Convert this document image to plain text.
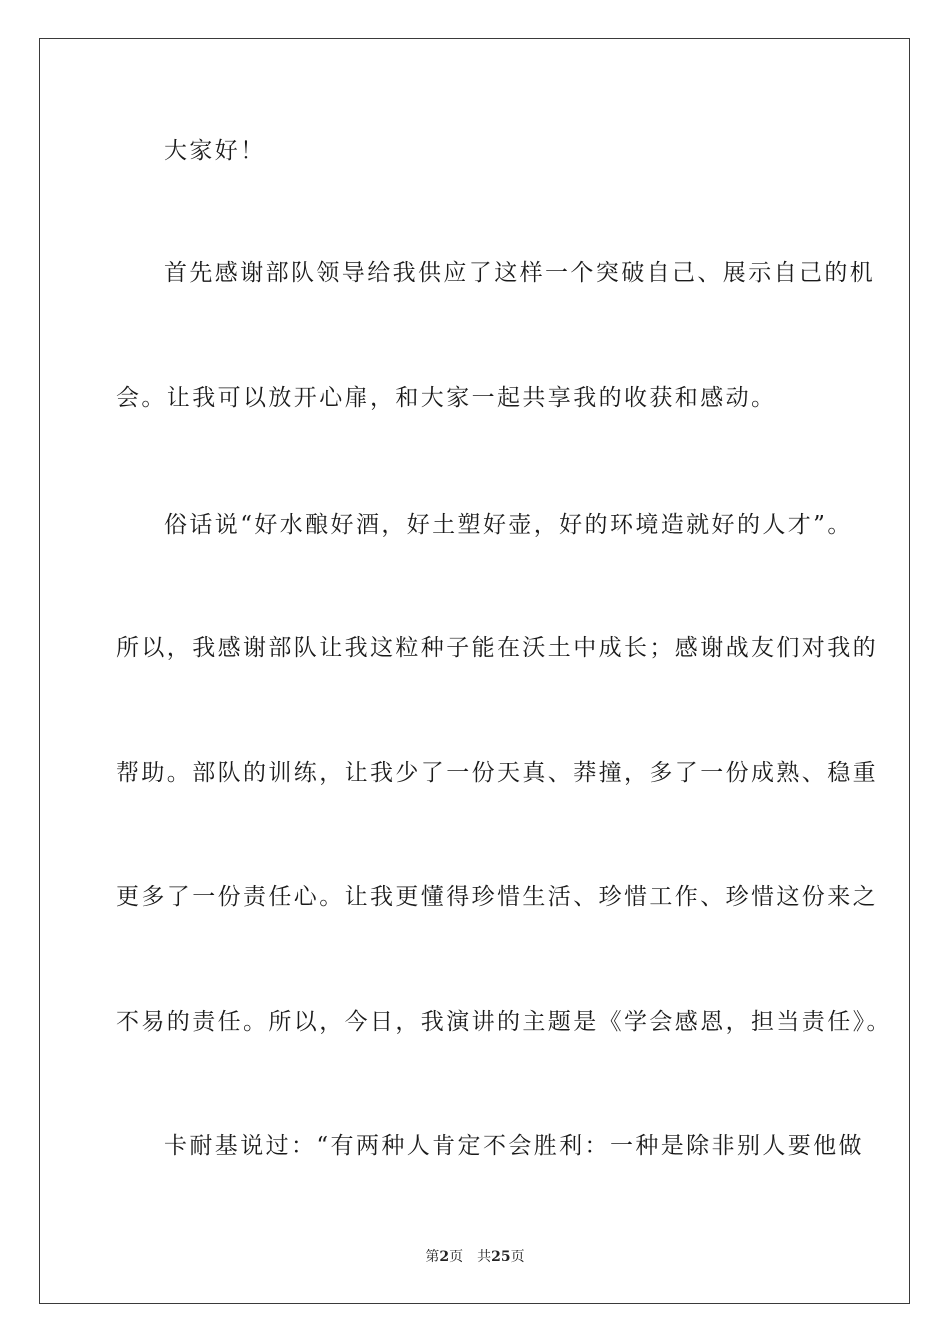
大家好！
首先感谢部队领导给我供应了这样一个突破自己、展示自己的机
会。让我可以放开心扉，和大家一起共享我的收获和感动。
俗话说“好水酿好酒，好土塑好壶，好的环境造就好的人才”。
所以，我感谢部队让我这粒种子能在沃土中成长；感谢战友们对我的
帮助。部队的训练，让我少了一份天真、莽撞，多了一份成熟、稳重
更多了一份责任心。让我更懂得珍惜生活、珍惜工作、珍惜这份来之
不易的责任。所以，今日，我演讲的主题是《学会感恩，担当责任》。
卡耐基说过：“有两种人肯定不会胜利：一种是除非别人要他做
第2页 共25页
